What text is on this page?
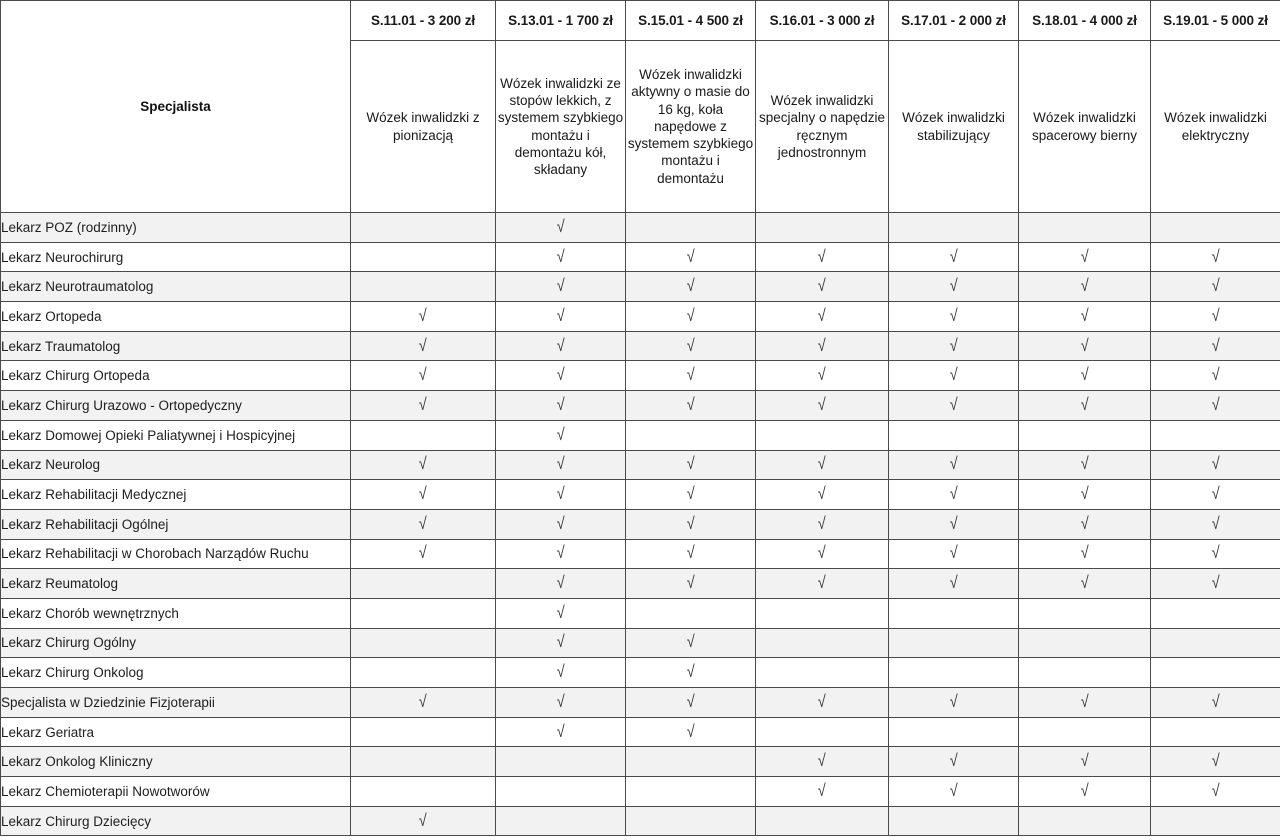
Specjalista	S.11.01 - 3 200 zł	S.13.01 - 1 700 zł	S.15.01 - 4 500 zł	S.16.01 - 3 000 zł	S.17.01 - 2 000 zł	S.18.01 - 4 000 zł	S.19.01 - 5 000 zł
	Wózek inwalidzki z pionizacją	Wózek inwalidzki ze stopów lekkich, z systemem szybkiego montażu i demontażu kół, składany	Wózek inwalidzki aktywny o masie do 16 kg, koła napędowe z systemem szybkiego montażu i demontażu	Wózek inwalidzki specjalny o napędzie ręcznym jednostronnym	Wózek inwalidzki stabilizujący	Wózek inwalidzki spacerowy bierny	Wózek inwalidzki elektryczny
Lekarz POZ (rodzinny)		√					
Lekarz Neurochirurg		√	√	√	√	√	√
Lekarz Neurotraumatolog		√	√	√	√	√	√
Lekarz Ortopeda	√	√	√	√	√	√	√
Lekarz Traumatolog	√	√	√	√	√	√	√
Lekarz Chirurg Ortopeda	√	√	√	√	√	√	√
Lekarz Chirurg Urazowo - Ortopedyczny	√	√	√	√	√	√	√
Lekarz Domowej Opieki Paliatywnej i Hospicyjnej		√					
Lekarz Neurolog	√	√	√	√	√	√	√
Lekarz Rehabilitacji Medycznej	√	√	√	√	√	√	√
Lekarz Rehabilitacji Ogólnej	√	√	√	√	√	√	√
Lekarz Rehabilitacji w Chorobach Narządów Ruchu	√	√	√	√	√	√	√
Lekarz Reumatolog		√	√	√	√	√	√
Lekarz Chorób wewnętrznych		√					
Lekarz Chirurg Ogólny		√	√				
Lekarz Chirurg Onkolog		√	√				
Specjalista w Dziedzinie Fizjoterapii	√	√	√	√	√	√	√
Lekarz Geriatra		√	√				
Lekarz Onkolog Kliniczny				√	√	√	√
Lekarz Chemioterapii Nowotworów				√	√	√	√
Lekarz Chirurg Dziecięcy	√						
